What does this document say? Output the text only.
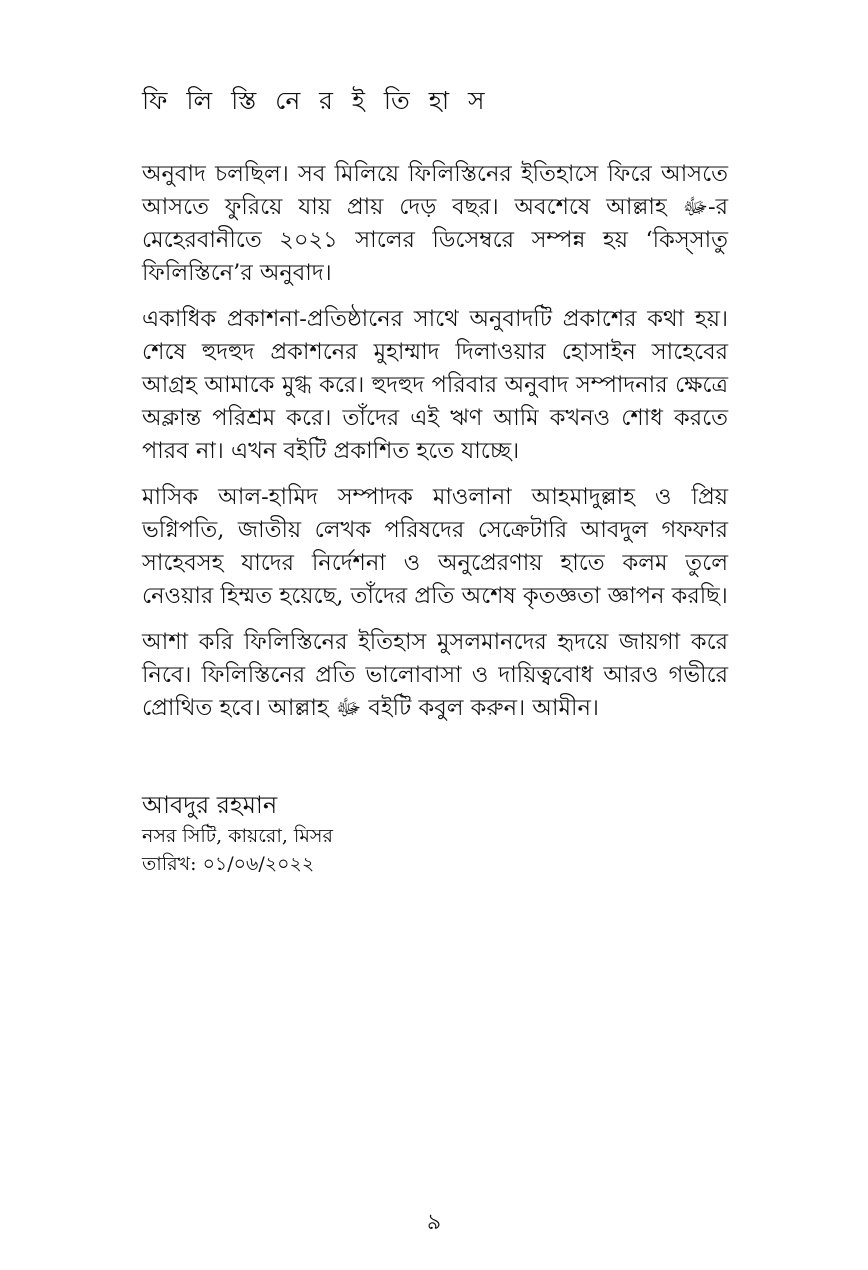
ফি লি স্তি নে র ই তি হা স

অনুবাদ চলছিল। সব মিলিয়ে ফিলিস্তিনের ইতিহাসে ফিরে আসতে আসতে ফুরিয়ে যায় প্রায় দেড় বছর। অবশেষে আল্লাহ ﷻ-র মেহেরবানীতে ২০২১ সালের ডিসেম্বরে সম্পন্ন হয় ‘কিস্সাতু ফিলিস্তিনে’র অনুবাদ।

একাধিক প্রকাশনা-প্রতিষ্ঠানের সাথে অনুবাদটি প্রকাশের কথা হয়। শেষে হুদহুদ প্রকাশনের মুহাম্মাদ দিলাওয়ার হোসাইন সাহেবের আগ্রহ আমাকে মুগ্ধ করে। হুদহুদ পরিবার অনুবাদ সম্পাদনার ক্ষেত্রে অক্লান্ত পরিশ্রম করে। তাঁদের এই ঋণ আমি কখনও শোধ করতে পারব না। এখন বইটি প্রকাশিত হতে যাচ্ছে।

মাসিক আল-হামিদ সম্পাদক মাওলানা আহমাদুল্লাহ ও প্রিয় ভগ্নিপতি, জাতীয় লেখক পরিষদের সেক্রেটারি আবদুল গফফার সাহেবসহ যাদের নির্দেশনা ও অনুপ্রেরণায় হাতে কলম তুলে নেওয়ার হিম্মত হয়েছে, তাঁদের প্রতি অশেষ কৃতজ্ঞতা জ্ঞাপন করছি।

আশা করি ফিলিস্তিনের ইতিহাস মুসলমানদের হৃদয়ে জায়গা করে নিবে। ফিলিস্তিনের প্রতি ভালোবাসা ও দায়িত্ববোধ আরও গভীরে প্রোথিত হবে। আল্লাহ ﷻ বইটি কবুল করুন। আমীন।

আবদুর রহমান
নসর সিটি, কায়রো, মিসর
তারিখ: ০১/০৬/২০২২
৯
